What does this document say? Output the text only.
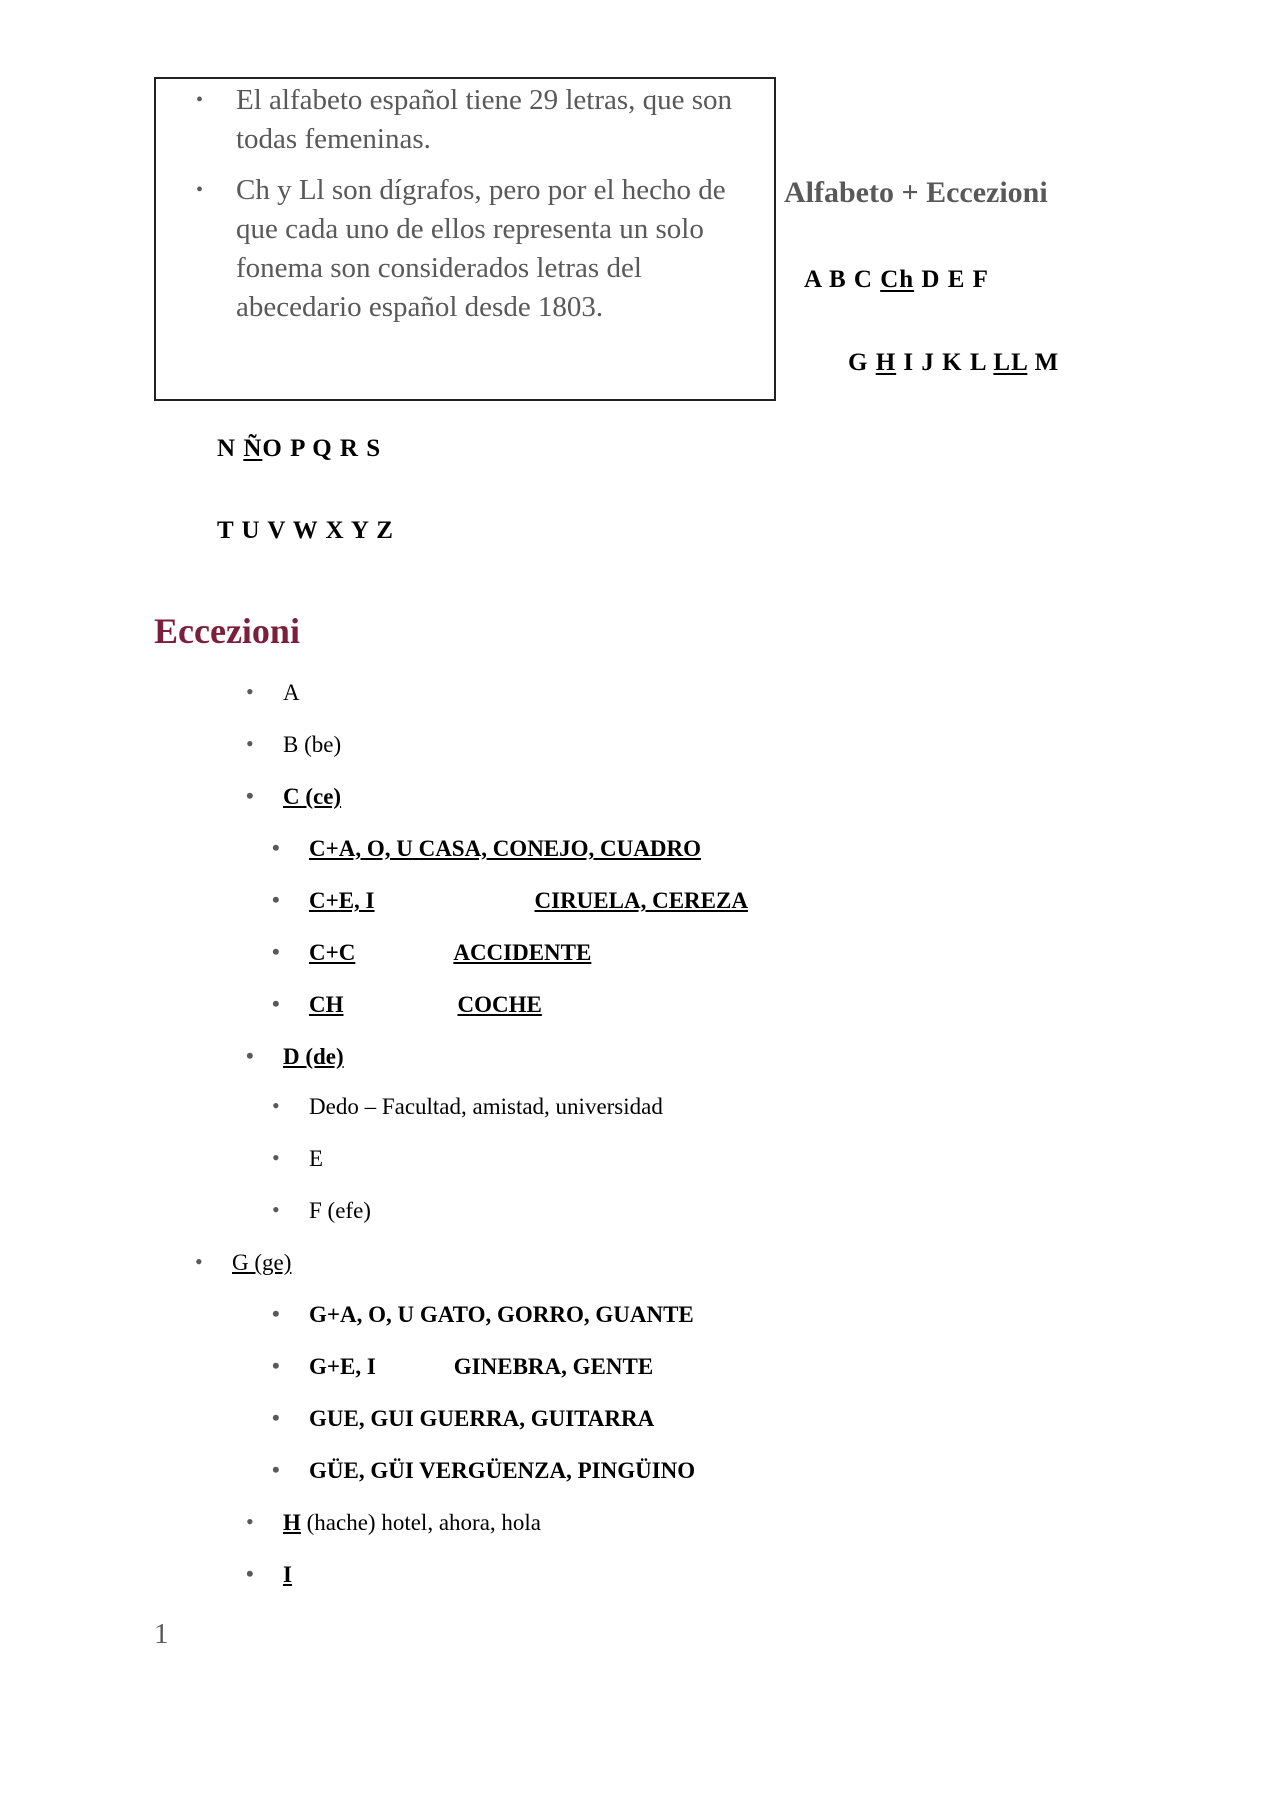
• El alfabeto español tiene 29 letras, que son todas femeninas.
• Ch y Ll son dígrafos, pero por el hecho de que cada uno de ellos representa un solo fonema son considerados letras del abecedario español desde 1803.
Alfabeto + Eccezioni
A B C Ch D E F
G H I J K L LL M
N ÑO P Q R S
T U V W X Y Z
Eccezioni
• A
• B (be)
• C (ce)
• C+A, O, U CASA, CONEJO, CUADRO
• C+E, I	CIRUELA, CEREZA
• C+C	ACCIDENTE
• CH	COCHE
• D (de)
• Dedo – Facultad, amistad, universidad
• E
• F (efe)
• G (ge)
• G+A, O, U GATO, GORRO, GUANTE
• G+E, I	GINEBRA, GENTE
• GUE, GUI GUERRA, GUITARRA
• GÜE, GÜI VERGÜENZA, PINGÜINO
• H (hache) hotel, ahora, hola
• I
1
